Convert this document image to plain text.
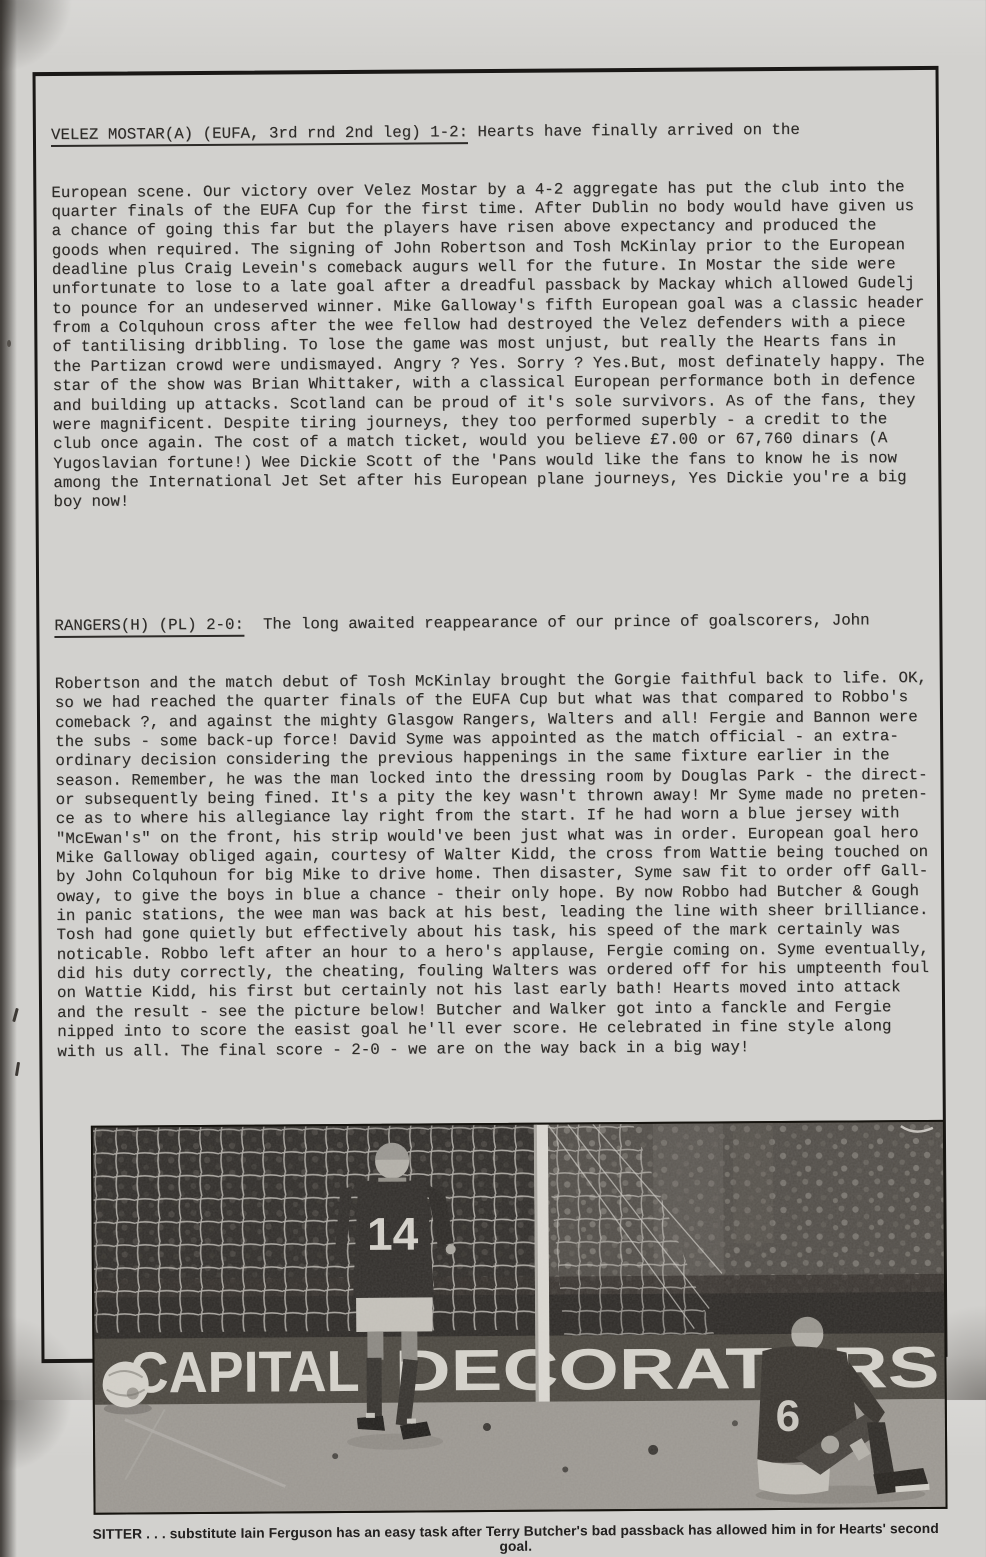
VELEZ MOSTAR(A) (EUFA, 3rd rnd 2nd leg) 1-2: Hearts have finally arrived on the

European scene. Our victory over Velez Mostar by a 4-2 aggregate has put the club into the
quarter finals of the EUFA Cup for the first time. After Dublin no body would have given us
a chance of going this far but the players have risen above expectancy and produced the
goods when required. The signing of John Robertson and Tosh McKinlay prior to the European
deadline plus Craig Levein's comeback augurs well for the future. In Mostar the side were
unfortunate to lose to a late goal after a dreadful passback by Mackay which allowed Gudelj
to pounce for an undeserved winner. Mike Galloway's fifth European goal was a classic header
from a Colquhoun cross after the wee fellow had destroyed the Velez defenders with a piece
of tantilising dribbling. To lose the game was most unjust, but really the Hearts fans in
the Partizan crowd were undismayed. Angry ? Yes. Sorry ? Yes.But, most definately happy. The
star of the show was Brian Whittaker, with a classical European performance both in defence
and building up attacks. Scotland can be proud of it's sole survivors. As of the fans, they
were magnificent. Despite tiring journeys, they too performed superbly - a credit to the
club once again. The cost of a match ticket, would you believe £7.00 or 67,760 dinars (A
Yugoslavian fortune!) Wee Dickie Scott of the 'Pans would like the fans to know he is now
among the International Jet Set after his European plane journeys, Yes Dickie you're a big
boy now!

RANGERS(H) (PL) 2-0:  The long awaited reappearance of our prince of goalscorers, John

Robertson and the match debut of Tosh McKinlay brought the Gorgie faithful back to life. OK,
so we had reached the quarter finals of the EUFA Cup but what was that compared to Robbo's
comeback ?, and against the mighty Glasgow Rangers, Walters and all! Fergie and Bannon were
the subs - some back-up force! David Syme was appointed as the match official - an extra-
ordinary decision considering the previous happenings in the same fixture earlier in the
season. Remember, he was the man locked into the dressing room by Douglas Park - the direct-
or subsequently being fined. It's a pity the key wasn't thrown away! Mr Syme made no preten-
ce as to where his allegiance lay right from the start. If he had worn a blue jersey with
"McEwan's" on the front, his strip would've been just what was in order. European goal hero
Mike Galloway obliged again, courtesy of Walter Kidd, the cross from Wattie being touched on
by John Colquhoun for big Mike to drive home. Then disaster, Syme saw fit to order off Gall-
oway, to give the boys in blue a chance - their only hope. By now Robbo had Butcher & Gough
in panic stations, the wee man was back at his best, leading the line with sheer brilliance.
Tosh had gone quietly but effectively about his task, his speed of the mark certainly was
noticable. Robbo left after an hour to a hero's applause, Fergie coming on. Syme eventually,
did his duty correctly, the cheating, fouling Walters was ordered off for his umpteenth foul
on Wattie Kidd, his first but certainly not his last early bath! Hearts moved into attack
and the result - see the picture below! Butcher and Walker got into a fanckle and Fergie
nipped into to score the easist goal he'll ever score. He celebrated in fine style along
with us all. The final score - 2-0 - we are on the way back in a big way!

SITTER . . . substitute Iain Ferguson has an easy task after Terry Butcher's bad passback has allowed him in for Hearts' second goal.
